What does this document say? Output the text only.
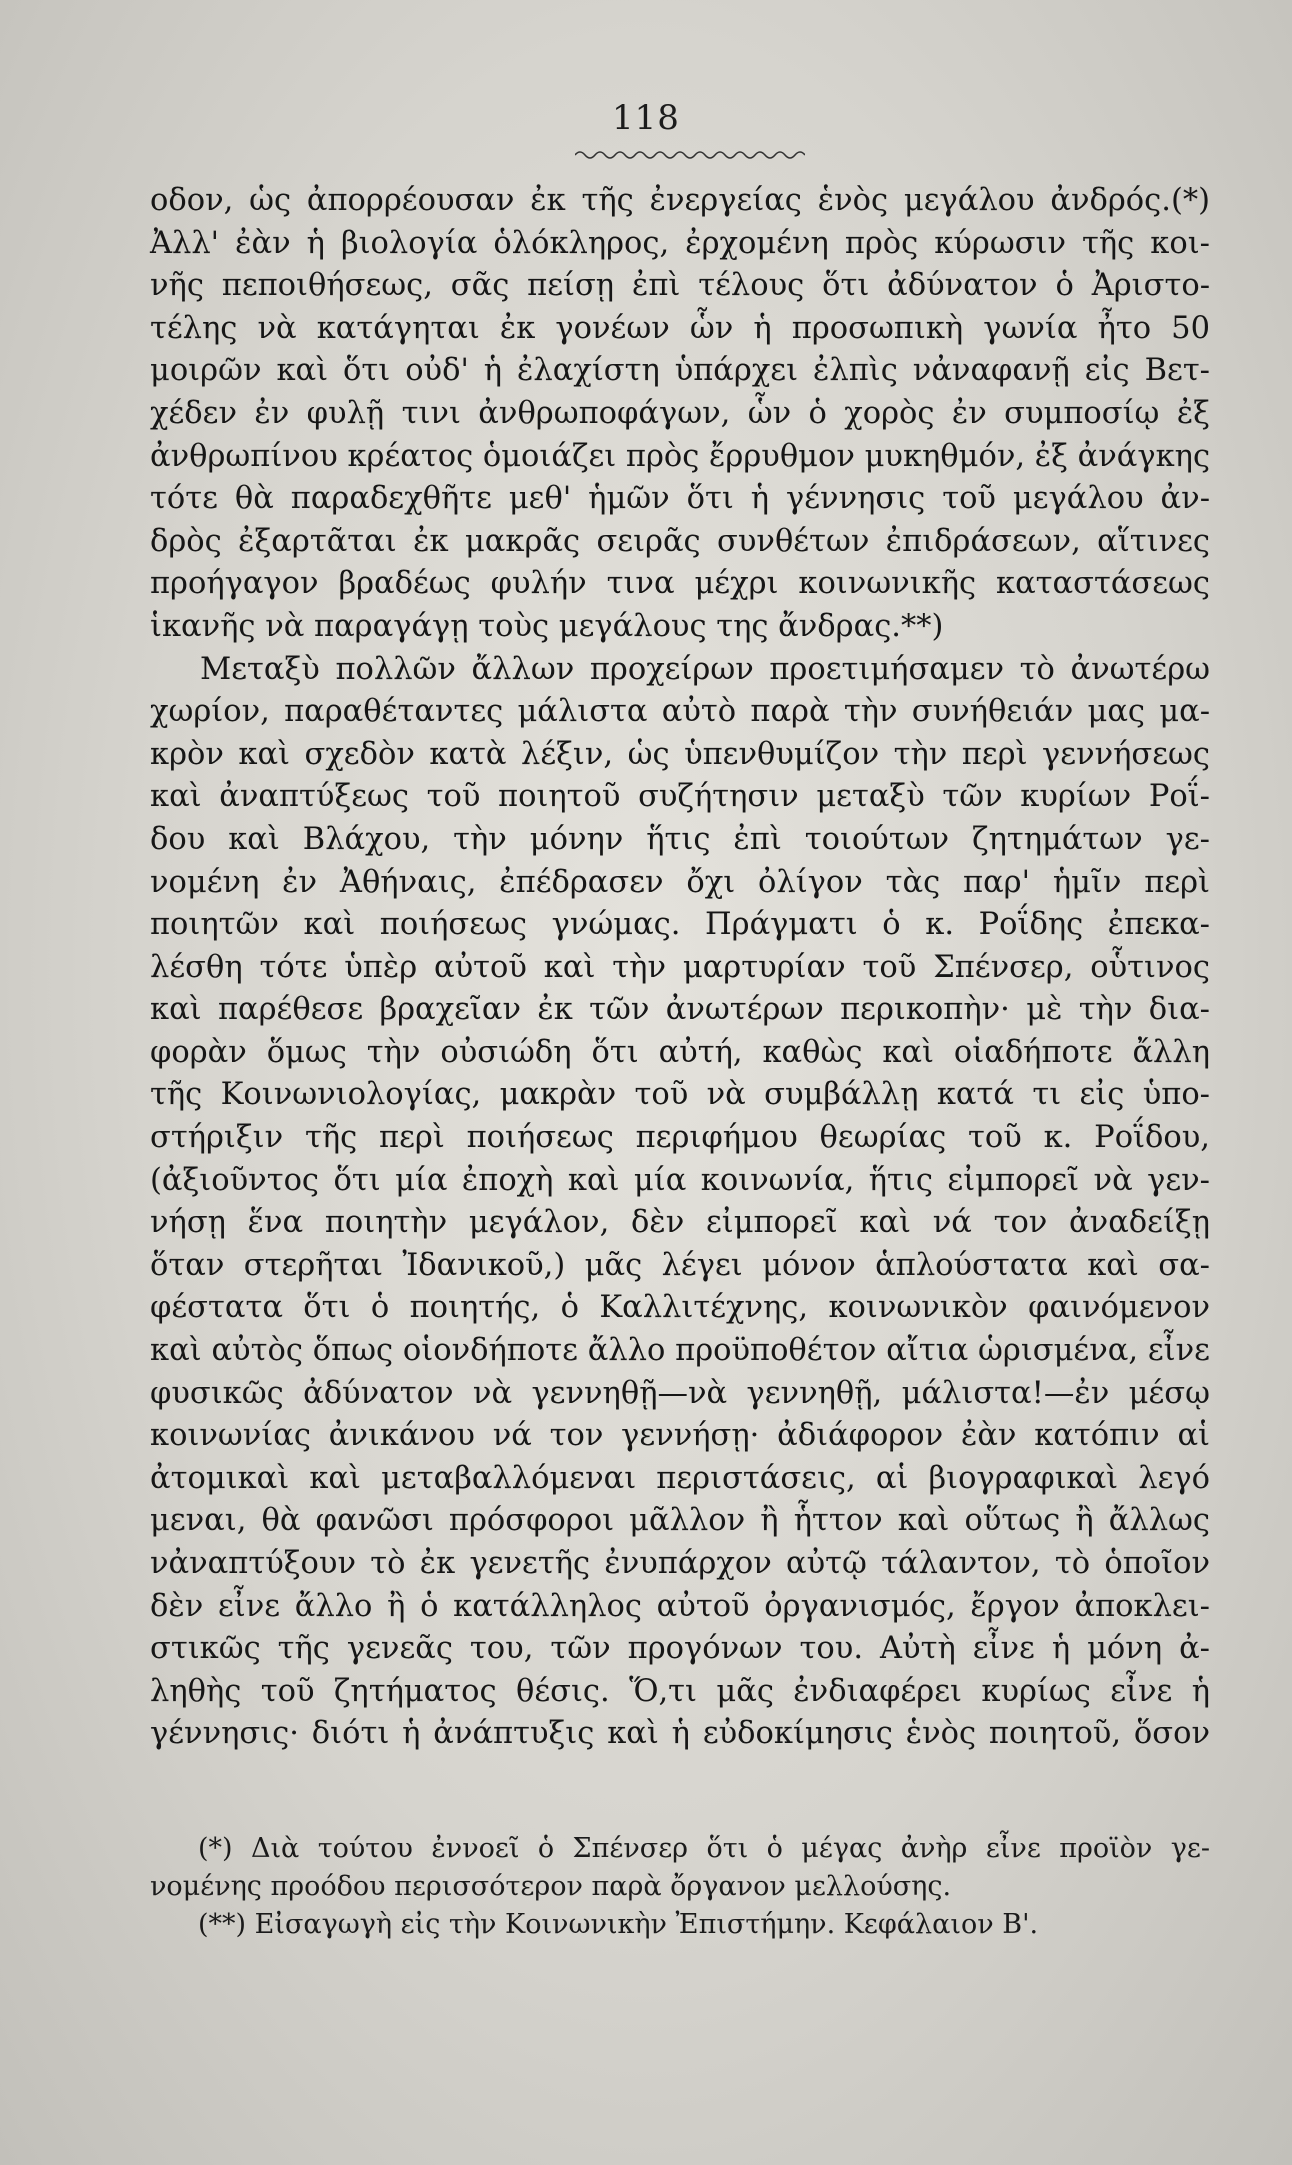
118
οδον, ὡς ἀπορρέουσαν ἐκ τῆς ἐνεργείας ἑνὸς μεγάλου ἀνδρός.(*)
Ἀλλ' ἐὰν ἡ βιολογία ὁλόκληρος, ἐρχομένη πρὸς κύρωσιν τῆς κοι-
νῆς πεποιθήσεως, σᾶς πείσῃ ἐπὶ τέλους ὅτι ἀδύνατον ὁ Ἀριστο-
τέλης νὰ κατάγηται ἐκ γονέων ὧν ἡ προσωπικὴ γωνία ἦτο 50
μοιρῶν καὶ ὅτι οὐδ' ἡ ἐλαχίστη ὑπάρχει ἐλπὶς νἀναφανῇ εἰς Βετ-
χέδεν ἐν φυλῇ τινι ἀνθρωποφάγων, ὧν ὁ χορὸς ἐν συμποσίῳ ἐξ
ἀνθρωπίνου κρέατος ὁμοιάζει πρὸς ἔρρυθμον μυκηθμόν, ἐξ ἀνάγκης
τότε θὰ παραδεχθῆτε μεθ' ἡμῶν ὅτι ἡ γέννησις τοῦ μεγάλου ἀν-
δρὸς ἐξαρτᾶται ἐκ μακρᾶς σειρᾶς συνθέτων ἐπιδράσεων, αἵτινες
προήγαγον βραδέως φυλήν τινα μέχρι κοινωνικῆς καταστάσεως
ἱκανῆς νὰ παραγάγῃ τοὺς μεγάλους της ἄνδρας.**)
Μεταξὺ πολλῶν ἄλλων προχείρων προετιμήσαμεν τὸ ἀνωτέρω
χωρίον, παραθέταντες μάλιστα αὐτὸ παρὰ τὴν συνήθειάν μας μα-
κρὸν καὶ σχεδὸν κατὰ λέξιν, ὡς ὑπενθυμίζον τὴν περὶ γεννήσεως
καὶ ἀναπτύξεως τοῦ ποιητοῦ συζήτησιν μεταξὺ τῶν κυρίων Ροΐ-
δου καὶ Βλάχου, τὴν μόνην ἥτις ἐπὶ τοιούτων ζητημάτων γε-
νομένη ἐν Ἀθήναις, ἐπέδρασεν ὄχι ὀλίγον τὰς παρ' ἡμῖν περὶ
ποιητῶν καὶ ποιήσεως γνώμας. Πράγματι ὁ κ. Ροΐδης ἐπεκα-
λέσθη τότε ὑπὲρ αὐτοῦ καὶ τὴν μαρτυρίαν τοῦ Σπένσερ, οὗτινος
καὶ παρέθεσε βραχεῖαν ἐκ τῶν ἀνωτέρων περικοπὴν· μὲ τὴν δια-
φορὰν ὅμως τὴν οὐσιώδη ὅτι αὐτή, καθὼς καὶ οἱαδήποτε ἄλλη
τῆς Κοινωνιολογίας, μακρὰν τοῦ νὰ συμβάλλῃ κατά τι εἰς ὑπο-
στήριξιν τῆς περὶ ποιήσεως περιφήμου θεωρίας τοῦ κ. Ροΐδου,
(ἀξιοῦντος ὅτι μία ἐποχὴ καὶ μία κοινωνία, ἥτις εἰμπορεῖ νὰ γεν-
νήσῃ ἕνα ποιητὴν μεγάλον, δὲν εἰμπορεῖ καὶ νά τον ἀναδείξῃ
ὅταν στερῆται Ἰδανικοῦ,) μᾶς λέγει μόνον ἁπλούστατα καὶ σα-
φέστατα ὅτι ὁ ποιητής, ὁ Καλλιτέχνης, κοινωνικὸν φαινόμενον
καὶ αὐτὸς ὅπως οἱονδήποτε ἄλλο προϋποθέτον αἴτια ὡρισμένα, εἶνε
φυσικῶς ἀδύνατον νὰ γεννηθῇ—νὰ γεννηθῇ, μάλιστα!—ἐν μέσῳ
κοινωνίας ἀνικάνου νά τον γεννήσῃ· ἀδιάφορον ἐὰν κατόπιν αἱ
ἀτομικαὶ καὶ μεταβαλλόμεναι περιστάσεις, αἱ βιογραφικαὶ λεγό
μεναι, θὰ φανῶσι πρόσφοροι μᾶλλον ἢ ἧττον καὶ οὕτως ἢ ἄλλως
νἀναπτύξουν τὸ ἐκ γενετῆς ἐνυπάρχον αὐτῷ τάλαντον, τὸ ὁποῖον
δὲν εἶνε ἄλλο ἢ ὁ κατάλληλος αὐτοῦ ὀργανισμός, ἔργον ἀποκλει-
στικῶς τῆς γενεᾶς του, τῶν προγόνων του. Αὐτὴ εἶνε ἡ μόνη ἀ-
ληθὴς τοῦ ζητήματος θέσις. Ὅ,τι μᾶς ἐνδιαφέρει κυρίως εἶνε ἡ
γέννησις· διότι ἡ ἀνάπτυξις καὶ ἡ εὐδοκίμησις ἑνὸς ποιητοῦ, ὅσον
(*) Διὰ τούτου ἐννοεῖ ὁ Σπένσερ ὅτι ὁ μέγας ἀνὴρ εἶνε προϊὸν γε-
νομένης προόδου περισσότερον παρὰ ὄργανον μελλούσης.
(**) Εἰσαγωγὴ εἰς τὴν Κοινωνικὴν Ἐπιστήμην. Κεφάλαιον Β'.
